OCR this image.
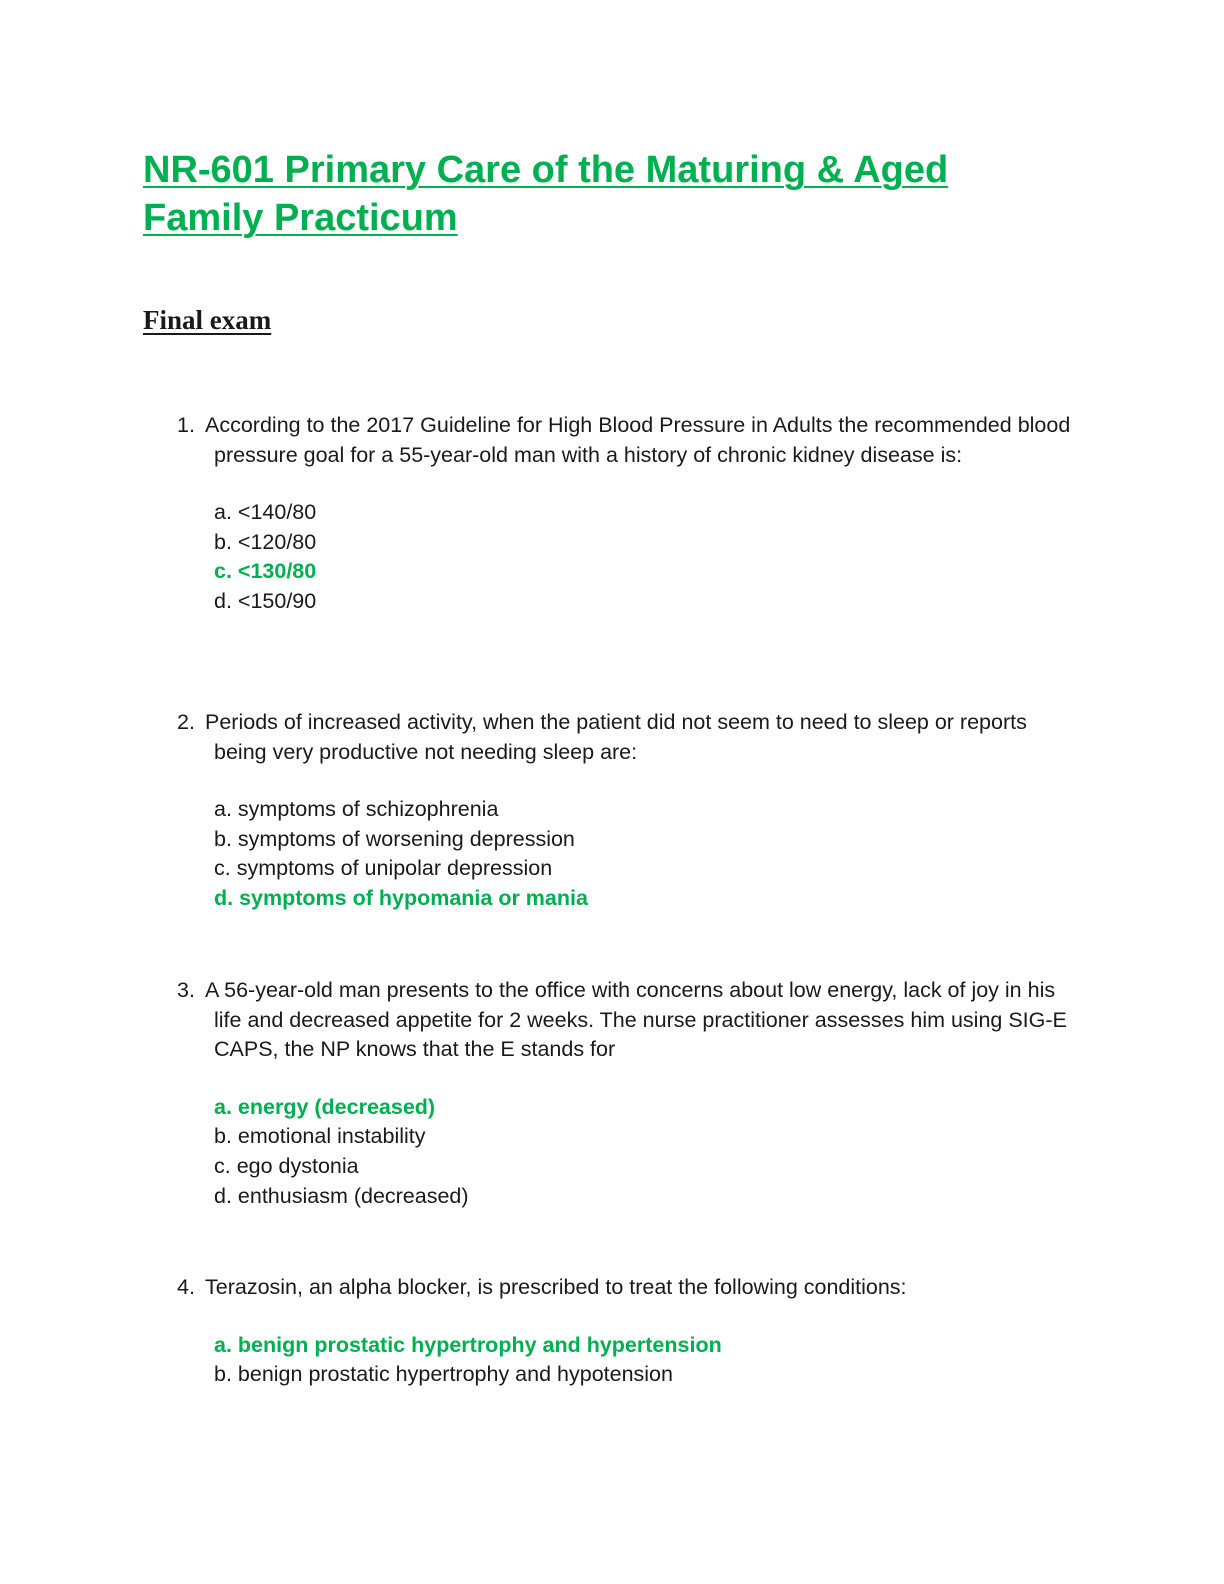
NR-601 Primary Care of the Maturing & Aged
Family Practicum
Final exam

1. According to the 2017 Guideline for High Blood Pressure in Adults the recommended blood pressure goal for a 55-year-old man with a history of chronic kidney disease is:

a. <140/80
b. <120/80
c. <130/80
d. <150/90

2. Periods of increased activity, when the patient did not seem to need to sleep or reports being very productive not needing sleep are:

a. symptoms of schizophrenia
b. symptoms of worsening depression
c. symptoms of unipolar depression
d. symptoms of hypomania or mania

3. A 56-year-old man presents to the office with concerns about low energy, lack of joy in his life and decreased appetite for 2 weeks. The nurse practitioner assesses him using SIG-E CAPS, the NP knows that the E stands for

a. energy (decreased)
b. emotional instability
c. ego dystonia
d. enthusiasm (decreased)

4. Terazosin, an alpha blocker, is prescribed to treat the following conditions:

a. benign prostatic hypertrophy and hypertension
b. benign prostatic hypertrophy and hypotension
